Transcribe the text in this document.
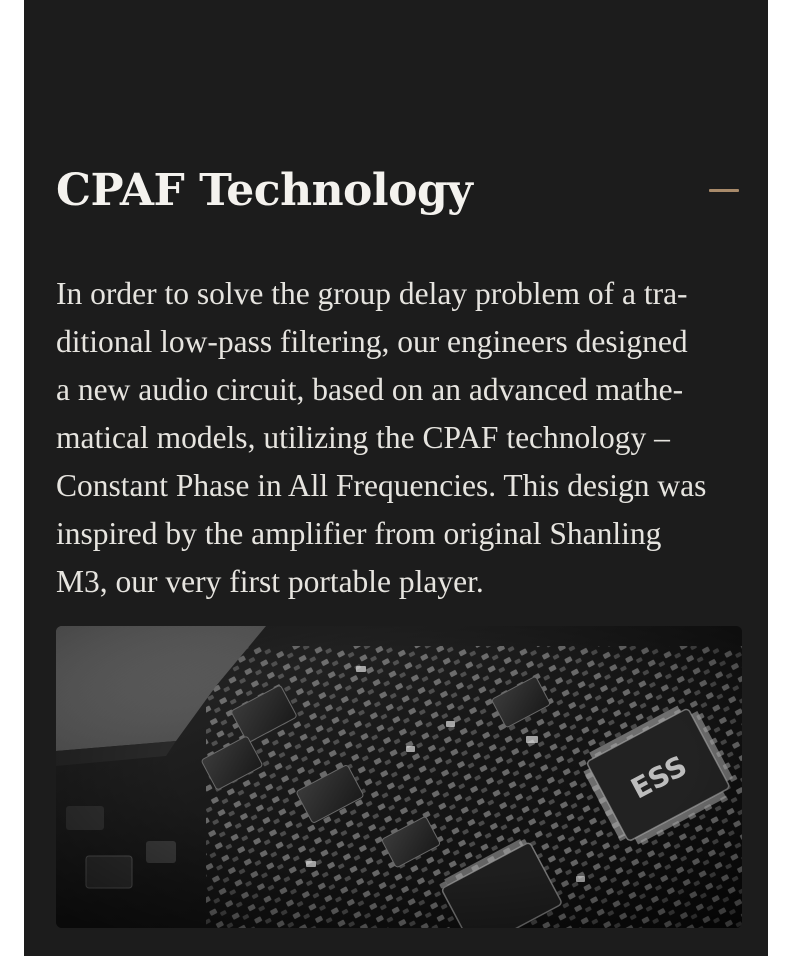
CPAF Technology

In order to solve the group delay problem of a tra-
ditional low-pass filtering, our engineers designed
a new audio circuit, based on an advanced mathe-
matical models, utilizing the CPAF technology –
Constant Phase in All Frequencies. This design was
inspired by the amplifier from original Shanling
M3, our very first portable player.
